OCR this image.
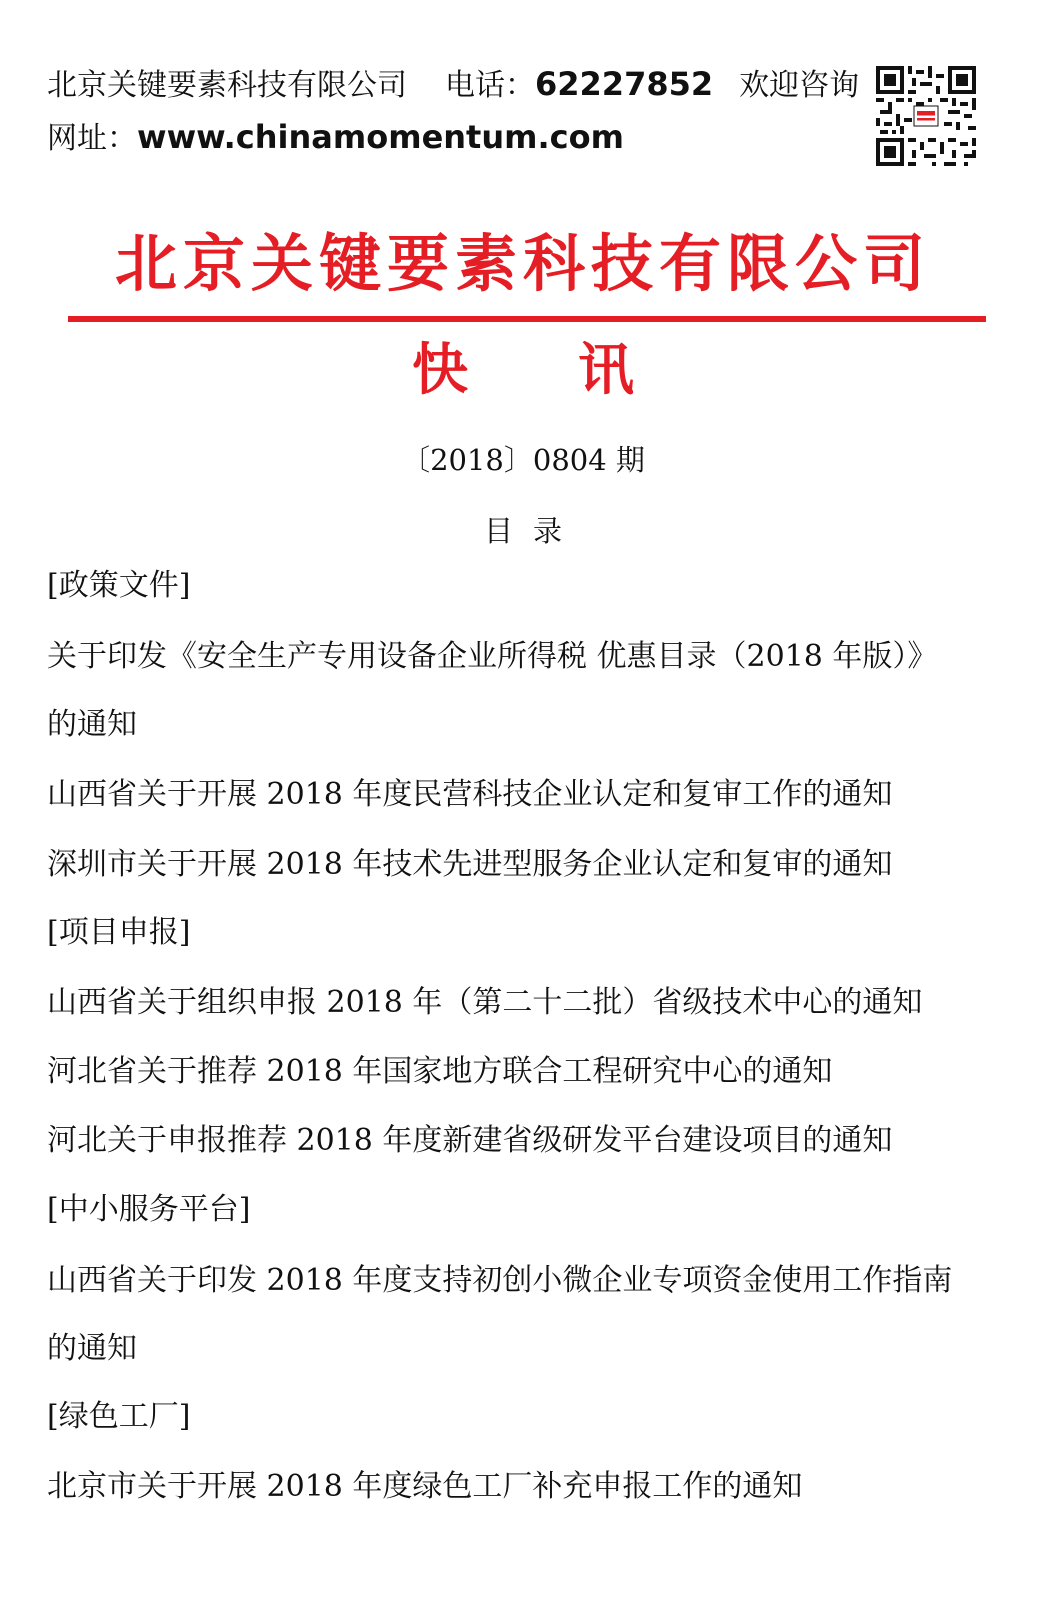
北京关键要素科技有限公司 电话：62227852 欢迎咨询
网址：www.chinamomentum.com
北京关键要素科技有限公司
快 讯
〔2018〕0804 期
目录
[政策文件]
关于印发《安全生产专用设备企业所得税 优惠目录（2018 年版）》
的通知
山西省关于开展 2018 年度民营科技企业认定和复审工作的通知
深圳市关于开展 2018 年技术先进型服务企业认定和复审的通知
[项目申报]
山西省关于组织申报 2018 年（第二十二批）省级技术中心的通知
河北省关于推荐 2018 年国家地方联合工程研究中心的通知
河北关于申报推荐 2018 年度新建省级研发平台建设项目的通知
[中小服务平台]
山西省关于印发 2018 年度支持初创小微企业专项资金使用工作指南
的通知
[绿色工厂]
北京市关于开展 2018 年度绿色工厂补充申报工作的通知
